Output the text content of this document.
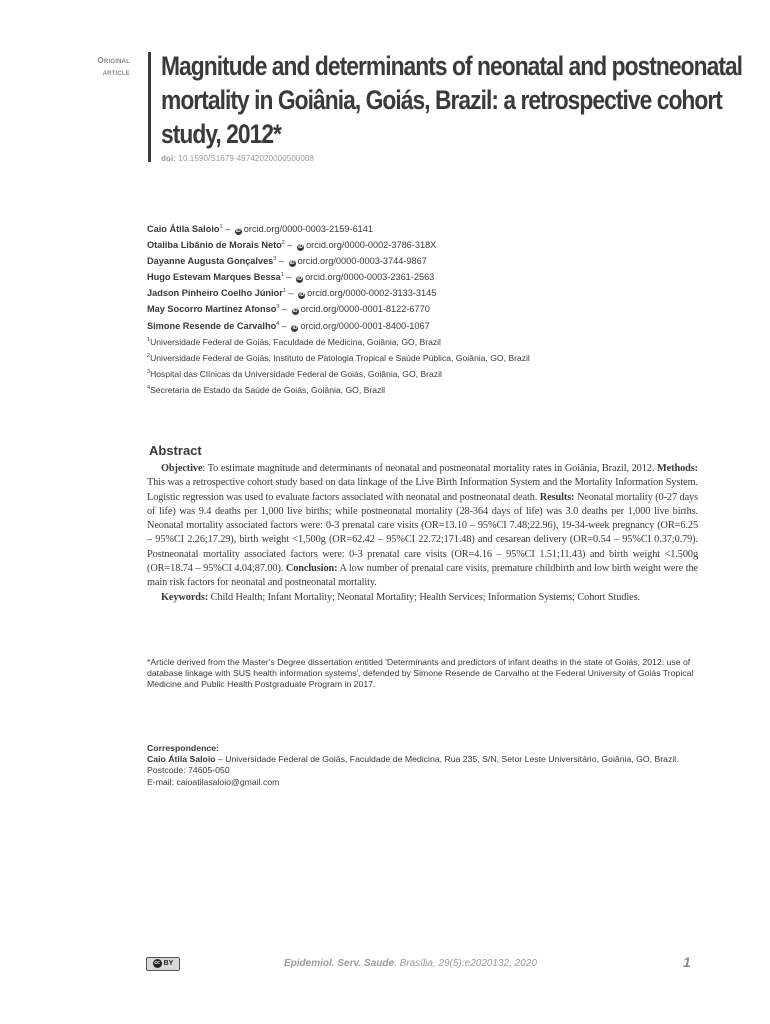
Original
article Magnitude and determinants of neonatal and postneonatal
mortality in Goiânia, Goiás, Brazil: a retrospective cohort
study, 2012*
doi: 10.1590/S1679-49742020000500008
Caio Átila Saloio$^1$ – iD orcid.org/0000-0003-2159-6141
Otaliba Libânio de Morais Neto$^2$ – iD orcid.org/0000-0002-3786-318X
Dayanne Augusta Gonçalves$^3$ – iD orcid.org/0000-0003-3744-9867
Hugo Estevam Marques Bessa$^1$ – iD orcid.org/0000-0003-2361-2563
Jadson Pinheiro Coelho Júnior$^1$ – iD orcid.org/0000-0002-3133-3145
May Socorro Martinez Afonso$^3$ – iD orcid.org/0000-0001-8122-6770
Simone Resende de Carvalho$^4$ – iD orcid.org/0000-0001-8400-1067
$^1$Universidade Federal de Goiás, Faculdade de Medicina, Goiânia, GO, Brazil
$^2$Universidade Federal de Goiás, Instituto de Patologia Tropical e Saúde Pública, Goiânia, GO, Brazil
$^3$Hospital das Clínicas da Universidade Federal de Goiás, Goiânia, GO, Brazil
$^4$Secretaria de Estado da Saúde de Goiás, Goiânia, GO, Brazil
Abstract

Objective: To estimate magnitude and determinants of neonatal and postneonatal mortality rates in Goiânia, Brazil, 2012. Methods: This was a retrospective cohort study based on data linkage of the Live Birth Information System and the Mortality Information System. Logistic regression was used to evaluate factors associated with neonatal and postneonatal death. Results: Neonatal mortality (0-27 days of life) was 9.4 deaths per 1,000 live births; while postneonatal mortality (28-364 days of life) was 3.0 deaths per 1,000 live births. Neonatal mortality associated factors were: 0-3 prenatal care visits (OR=13.10 – 95%CI 7.48;22.96), 19-34-week pregnancy (OR=6.25 – 95%CI 2.26;17.29), birth weight <1,500g (OR=62.42 – 95%CI 22.72;171.48) and cesarean delivery (OR=0.54 – 95%CI 0.37;0.79). Postneonatal mortality associated factors were: 0-3 prenatal care visits (OR=4.16 – 95%CI 1.51;11.43) and birth weight <1.500g (OR=18.74 – 95%CI 4.04;87.00). Conclusion: A low number of prenatal care visits, premature childbirth and low birth weight were the main risk factors for neonatal and postneonatal mortality.

Keywords: Child Health; Infant Mortality; Neonatal Mortality; Health Services; Information Systems; Cohort Studies.

*Article derived from the Master's Degree dissertation entitled 'Determinants and predictors of infant deaths in the state of Goiás, 2012: use of database linkage with SUS health information systems', defended by Simone Resende de Carvalho at the Federal University of Goiás Tropical Medicine and Public Health Postgraduate Program in 2017.
Correspondence:
Caio Átila Saloio – Universidade Federal de Goiás, Faculdade de Medicina, Rua 235, S/N, Setor Leste Universitário, Goiânia, GO, Brazil. Postcode: 74605-050
E-mail: caioatilasaloio@gmail.com
cc BY	Epidemiol. Serv. Saude, Brasília, 29(5):e2020132, 2020	1
